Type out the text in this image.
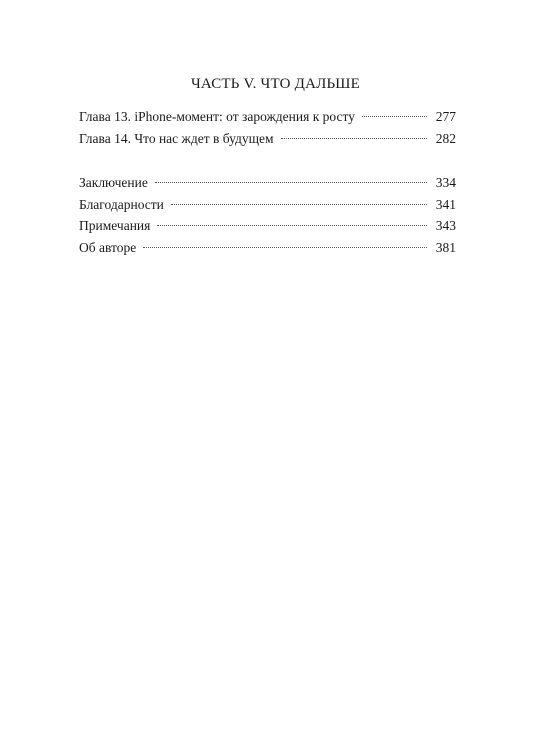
ЧАСТЬ V. ЧТО ДАЛЬШЕ
Глава 13. iPhone-момент: от зарождения к росту	277
Глава 14. Что нас ждет в будущем	282
Заключение	334
Благодарности	341
Примечания	343
Об авторе	381
